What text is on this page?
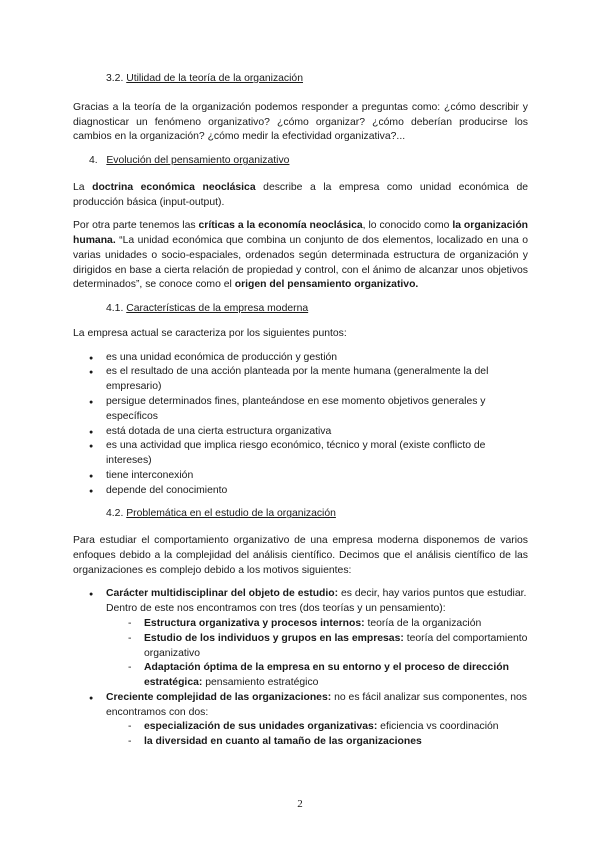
3.2. Utilidad de la teoría de la organización

Gracias a la teoría de la organización podemos responder a preguntas como: ¿cómo describir y diagnosticar un fenómeno organizativo? ¿cómo organizar? ¿cómo deberían producirse los cambios en la organización? ¿cómo medir la efectividad organizativa?...

4. Evolución del pensamiento organizativo

La doctrina económica neoclásica describe a la empresa como unidad económica de producción básica (input-output).

Por otra parte tenemos las críticas a la economía neoclásica, lo conocido como la organización humana. “La unidad económica que combina un conjunto de dos elementos, localizado en una o varias unidades o socio-espaciales, ordenados según determinada estructura de organización y dirigidos en base a cierta relación de propiedad y control, con el ánimo de alcanzar unos objetivos determinados”, se conoce como el origen del pensamiento organizativo.

4.1. Características de la empresa moderna

La empresa actual se caracteriza por los siguientes puntos:

● es una unidad económica de producción y gestión
● es el resultado de una acción planteada por la mente humana (generalmente la del empresario)
● persigue determinados fines, planteándose en ese momento objetivos generales y específicos
● está dotada de una cierta estructura organizativa
● es una actividad que implica riesgo económico, técnico y moral (existe conflicto de intereses)
● tiene interconexión
● depende del conocimiento

4.2. Problemática en el estudio de la organización

Para estudiar el comportamiento organizativo de una empresa moderna disponemos de varios enfoques debido a la complejidad del análisis científico. Decimos que el análisis científico de las organizaciones es complejo debido a los motivos siguientes:

● Carácter multidisciplinar del objeto de estudio: es decir, hay varios puntos que estudiar. Dentro de este nos encontramos con tres (dos teorías y un pensamiento):
- Estructura organizativa y procesos internos: teoría de la organización
- Estudio de los individuos y grupos en las empresas: teoría del comportamiento organizativo
- Adaptación óptima de la empresa en su entorno y el proceso de dirección estratégica: pensamiento estratégico
● Creciente complejidad de las organizaciones: no es fácil analizar sus componentes, nos encontramos con dos:
- especialización de sus unidades organizativas: eficiencia vs coordinación
- la diversidad en cuanto al tamaño de las organizaciones
2
